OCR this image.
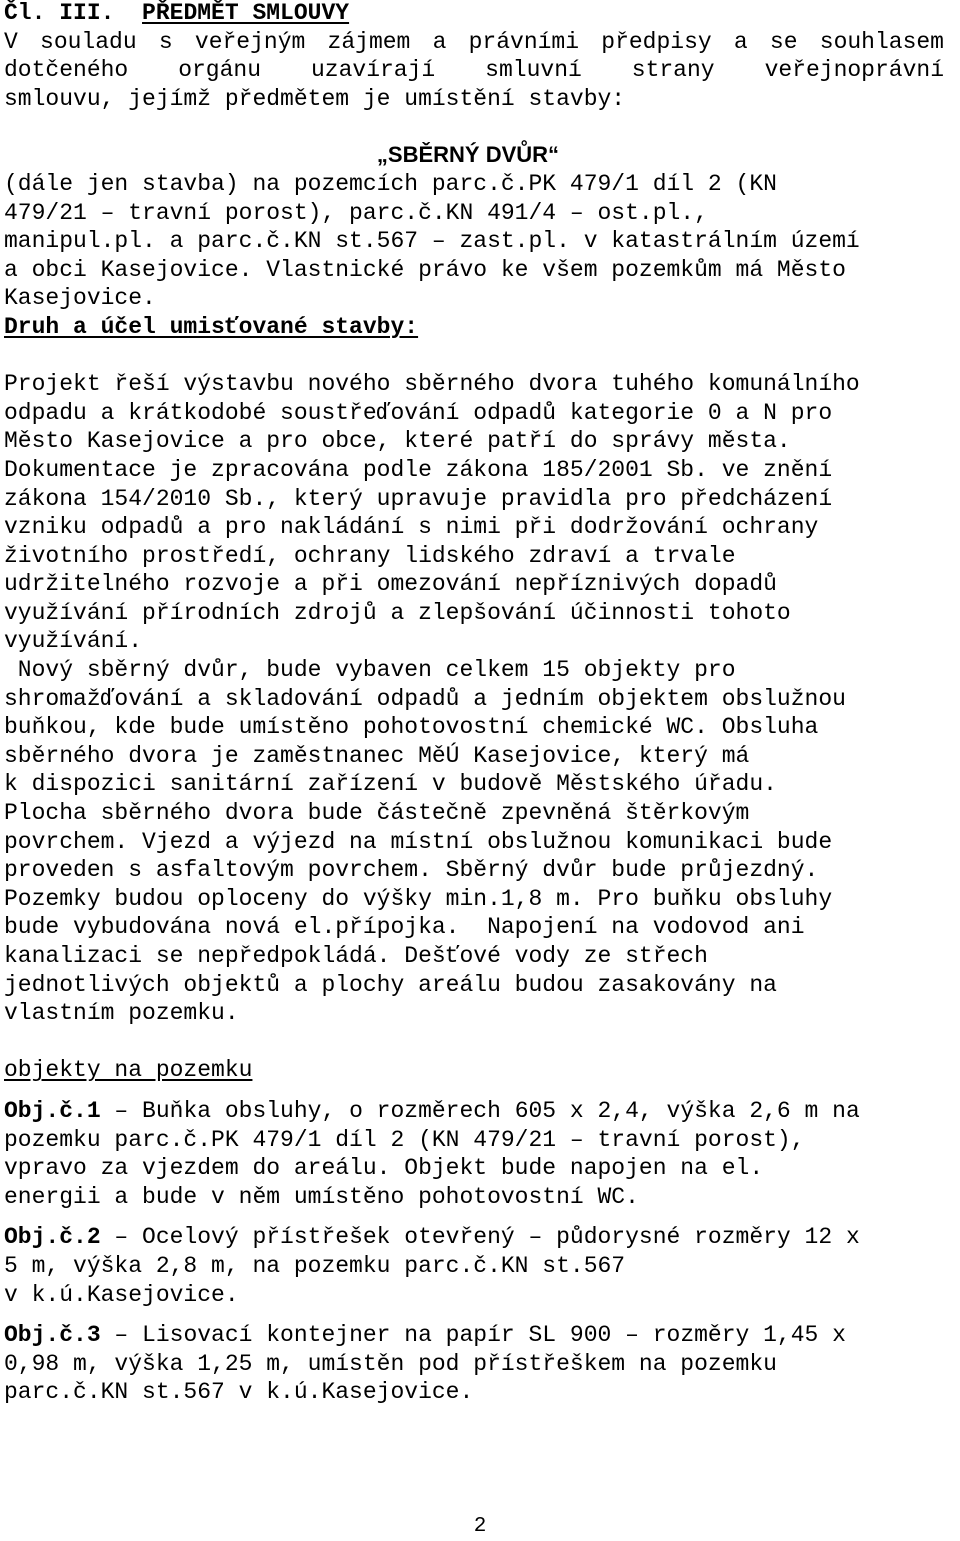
Čl. III. PŘEDMĚT SMLOUVY
V souladu s veřejným zájmem a právními předpisy a se souhlasem
dotčeného orgánu uzavírají smluvní strany veřejnoprávní
smlouvu, jejímž předmětem je umístění stavby:
„SBĚRNÝ DVŮR“
(dále jen stavba) na pozemcích parc.č.PK 479/1 díl 2 (KN
479/21 – travní porost), parc.č.KN 491/4 – ost.pl.,
manipul.pl. a parc.č.KN st.567 – zast.pl. v katastrálním území
a obci Kasejovice. Vlastnické právo ke všem pozemkům má Město
Kasejovice.
Druh a účel umisťované stavby:
Projekt řeší výstavbu nového sběrného dvora tuhého komunálního
odpadu a krátkodobé soustřeďování odpadů kategorie 0 a N pro
Město Kasejovice a pro obce, které patří do správy města.
Dokumentace je zpracována podle zákona 185/2001 Sb. ve znění
zákona 154/2010 Sb., který upravuje pravidla pro předcházení
vzniku odpadů a pro nakládání s nimi při dodržování ochrany
životního prostředí, ochrany lidského zdraví a trvale
udržitelného rozvoje a při omezování nepříznivých dopadů
využívání přírodních zdrojů a zlepšování účinnosti tohoto
využívání.
Nový sběrný dvůr, bude vybaven celkem 15 objekty pro
shromažďování a skladování odpadů a jedním objektem obslužnou
buňkou, kde bude umístěno pohotovostní chemické WC. Obsluha
sběrného dvora je zaměstnanec MěÚ Kasejovice, který má
k dispozici sanitární zařízení v budově Městského úřadu.
Plocha sběrného dvora bude částečně zpevněná štěrkovým
povrchem. Vjezd a výjezd na místní obslužnou komunikaci bude
proveden s asfaltovým povrchem. Sběrný dvůr bude průjezdný.
Pozemky budou oploceny do výšky min.1,8 m. Pro buňku obsluhy
bude vybudována nová el.přípojka.  Napojení na vodovod ani
kanalizaci se nepředpokládá. Dešťové vody ze střech
jednotlivých objektů a plochy areálu budou zasakovány na
vlastním pozemku.
objekty na pozemku
Obj.č.1 – Buňka obsluhy, o rozměrech 605 x 2,4, výška 2,6 m na
pozemku parc.č.PK 479/1 díl 2 (KN 479/21 – travní porost),
vpravo za vjezdem do areálu. Objekt bude napojen na el.
energii a bude v něm umístěno pohotovostní WC.
Obj.č.2 – Ocelový přístřešek otevřený – půdorysné rozměry 12 x
5 m, výška 2,8 m, na pozemku parc.č.KN st.567
v k.ú.Kasejovice.
Obj.č.3 – Lisovací kontejner na papír SL 900 – rozměry 1,45 x
0,98 m, výška 1,25 m, umístěn pod přístřeškem na pozemku
parc.č.KN st.567 v k.ú.Kasejovice.
2
